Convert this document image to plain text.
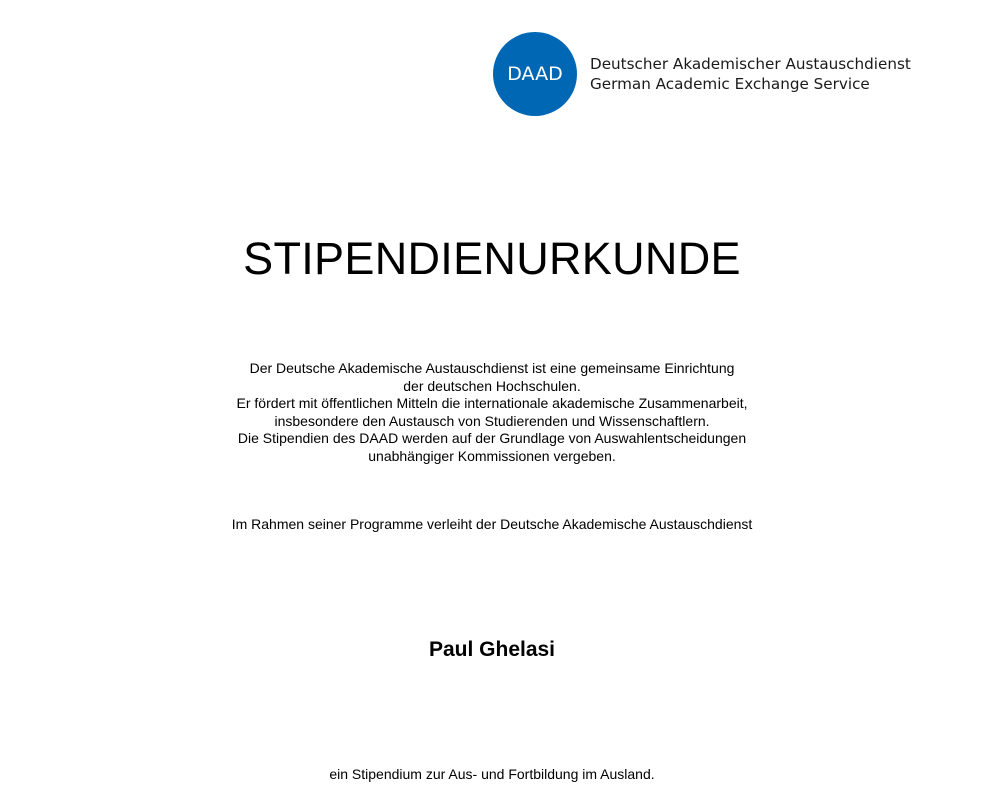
DAAD	Deutscher Akademischer Austauschdienst
German Academic Exchange Service
STIPENDIENURKUNDE
Der Deutsche Akademische Austauschdienst ist eine gemeinsame Einrichtung
der deutschen Hochschulen.
Er fördert mit öffentlichen Mitteln die internationale akademische Zusammenarbeit,
insbesondere den Austausch von Studierenden und Wissenschaftlern.
Die Stipendien des DAAD werden auf der Grundlage von Auswahlentscheidungen
unabhängiger Kommissionen vergeben.
Im Rahmen seiner Programme verleiht der Deutsche Akademische Austauschdienst
Paul Ghelasi
ein Stipendium zur Aus- und Fortbildung im Ausland.
